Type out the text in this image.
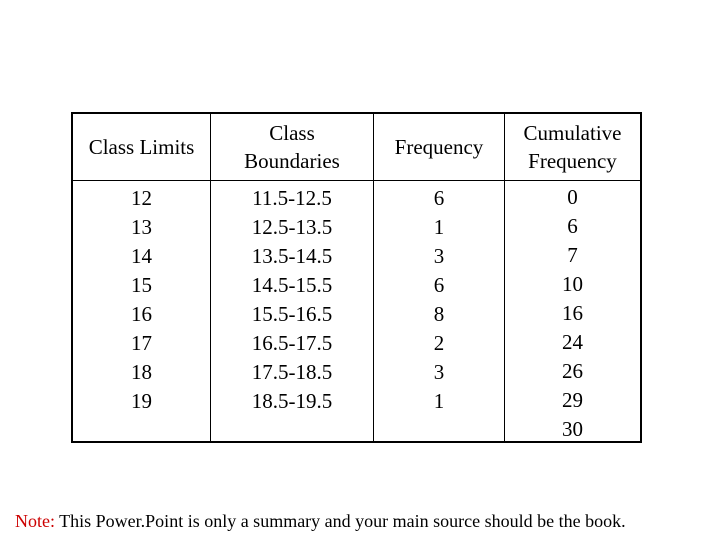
Class Limits
12
13
14
15
16
17
18
19
Class
Boundaries
11.5-12.5
12.5-13.5
13.5-14.5
14.5-15.5
15.5-16.5
16.5-17.5
17.5-18.5
18.5-19.5
Frequency
6
1
3
6
8
2
3
1
Cumulative
Frequency
0
6
7
10
16
24
26
29
30
Note: This Power.Point is only a summary and your main source should be the book.
